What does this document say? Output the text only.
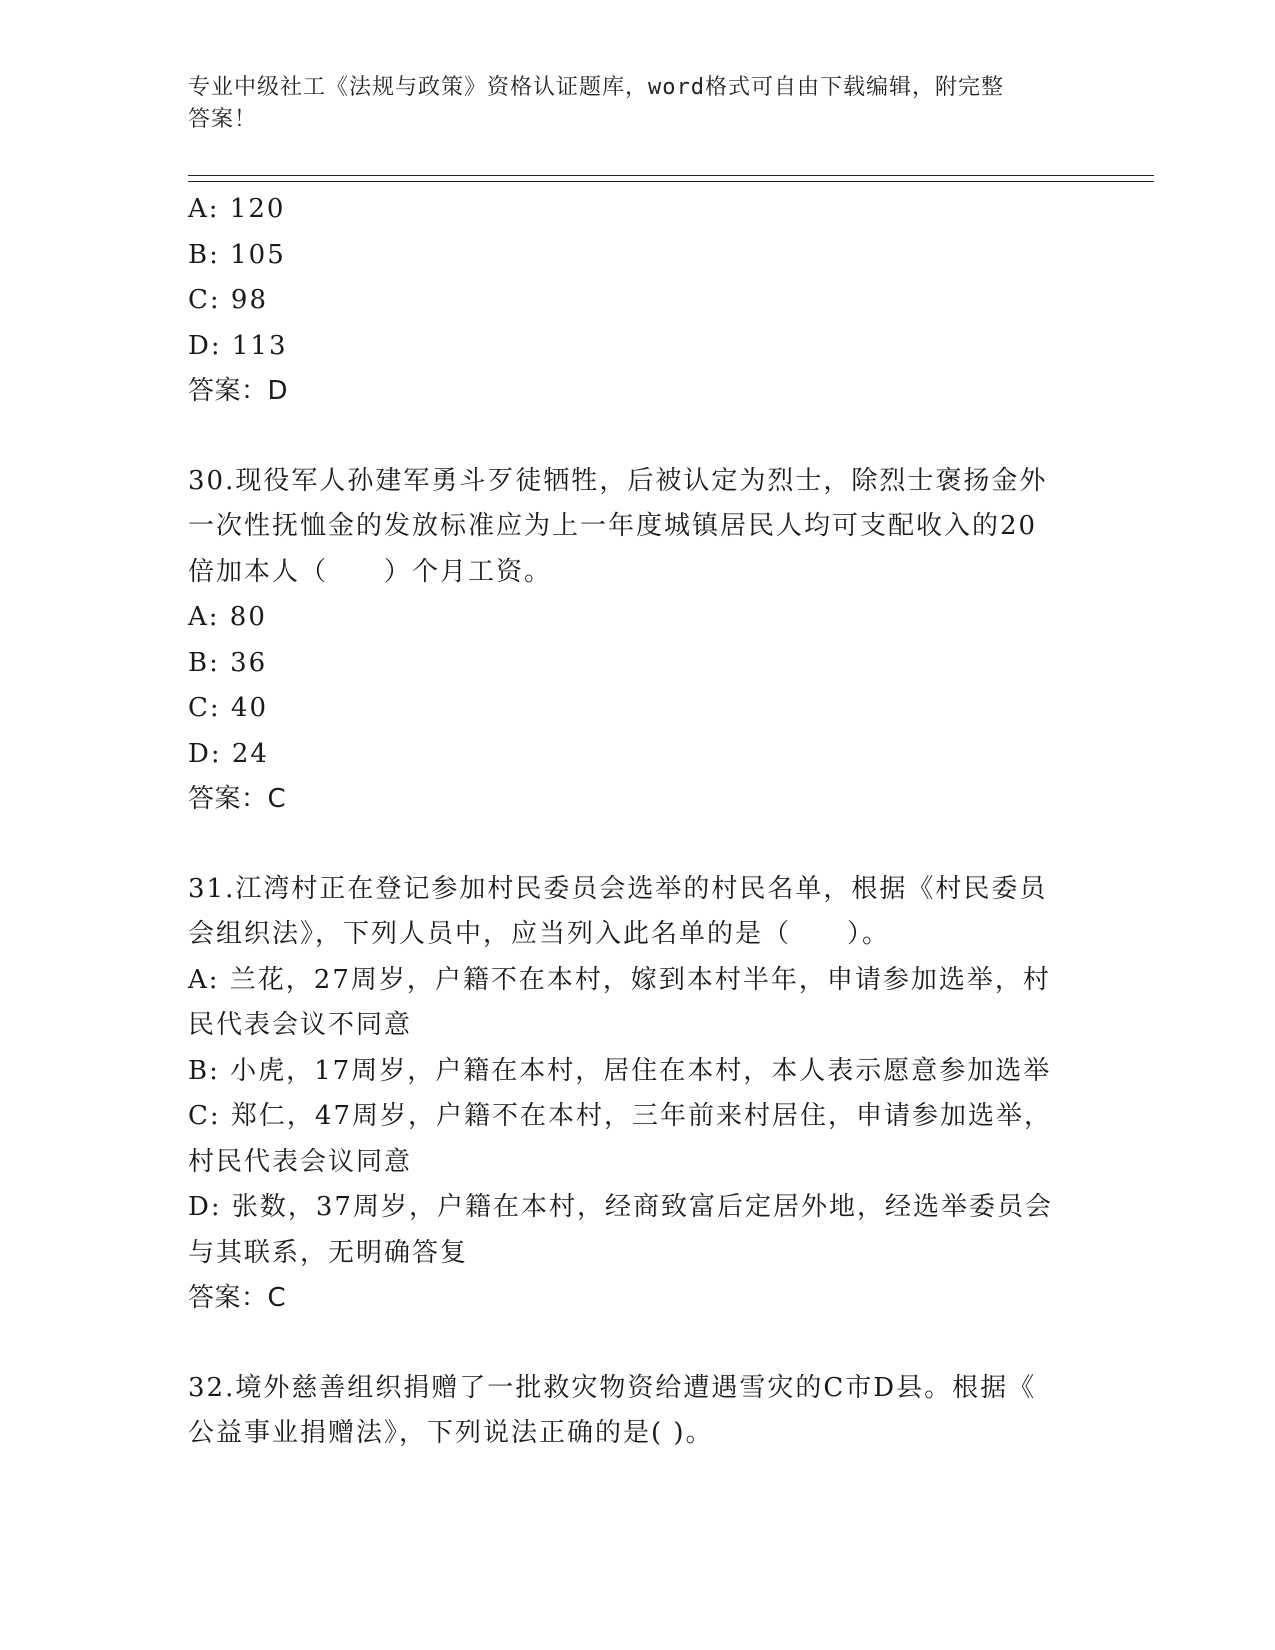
专业中级社工《法规与政策》资格认证题库，word格式可自由下载编辑，附完整
答案！
A: 120
B: 105
C: 98
D: 113
答案：D
30.现役军人孙建军勇斗歹徒牺牲，后被认定为烈士，除烈士褒扬金外
一次性抚恤金的发放标准应为上一年度城镇居民人均可支配收入的20
倍加本人（　　）个月工资。
A: 80
B: 36
C: 40
D: 24
答案：C
31.江湾村正在登记参加村民委员会选举的村民名单，根据《村民委员
会组织法》，下列人员中，应当列入此名单的是（　　）。
A: 兰花，27周岁，户籍不在本村，嫁到本村半年，申请参加选举，村
民代表会议不同意
B: 小虎，17周岁，户籍在本村，居住在本村，本人表示愿意参加选举
C: 郑仁，47周岁，户籍不在本村，三年前来村居住，申请参加选举，
村民代表会议同意
D: 张数，37周岁，户籍在本村，经商致富后定居外地，经选举委员会
与其联系，无明确答复
答案：C
32.境外慈善组织捐赠了一批救灾物资给遭遇雪灾的C市D县。根据《
公益事业捐赠法》，下列说法正确的是( )。
